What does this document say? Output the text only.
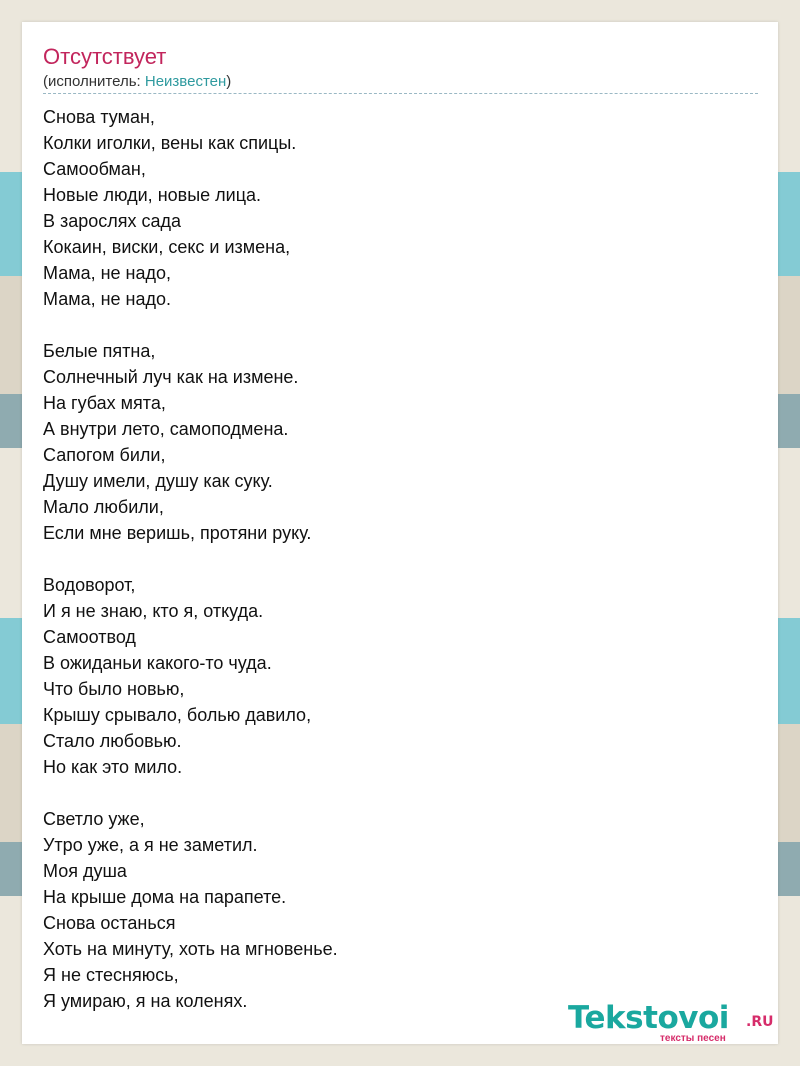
Отсутствует
(исполнитель: Неизвестен)
Снова туман,
Колки иголки, вены как спицы.
Самообман,
Новые люди, новые лица.
В зарослях сада
Кокаин, виски, секс и измена,
Мама, не надо,
Мама, не надо.
Белые пятна,
Солнечный луч как на измене.
На губах мята,
А внутри лето, самоподмена.
Сапогом били,
Душу имели, душу как суку.
Мало любили,
Если мне веришь, протяни руку.
Водоворот,
И я не знаю, кто я, откуда.
Самоотвод
В ожиданьи какого-то чуда.
Что было новью,
Крышу срывало, болью давило,
Стало любовью.
Но как это мило.
Светло уже,
Утро уже, а я не заметил.
Моя душа
На крыше дома на парапете.
Снова останься
Хоть на минуту, хоть на мгновенье.
Я не стесняюсь,
Я умираю, я на коленях.	Tekstovoi .RU
тексты песен
